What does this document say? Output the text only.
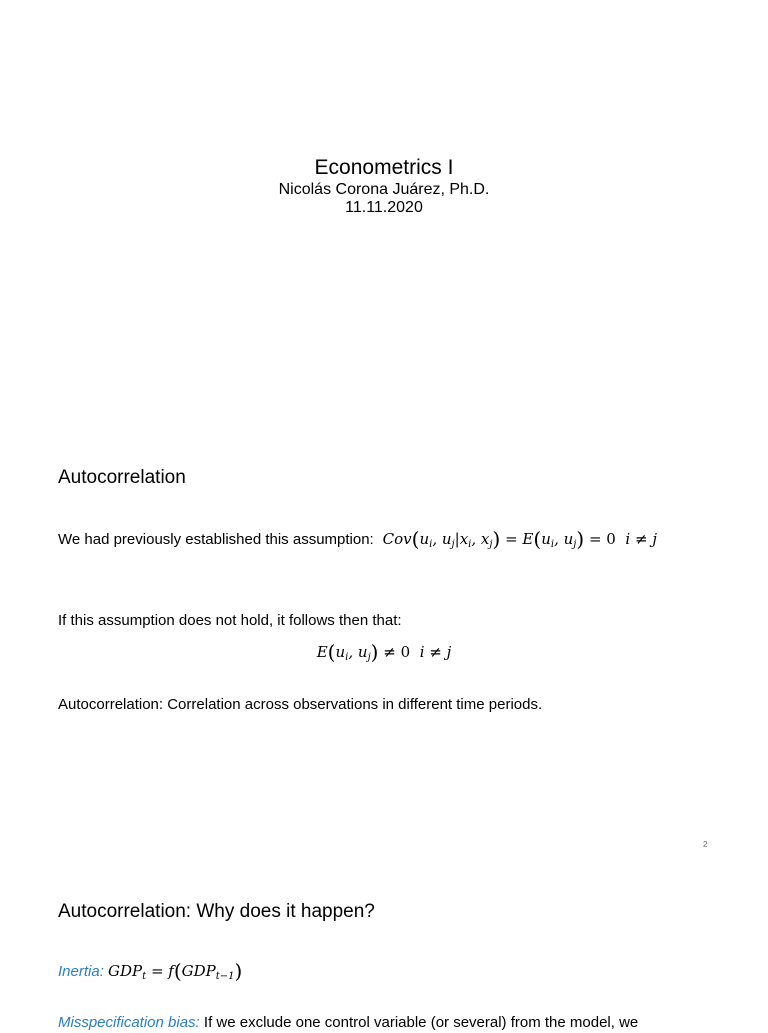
Econometrics I
Nicolás Corona Juárez, Ph.D.
11.11.2020
Autocorrelation
We had previously established this assumption:  $Cov(u_i$, $u_j|x_i$, $x_j) = E(u_i$, $u_j) = 0$  i ≠ j
If this assumption does not hold, it follows then that:
$E(u_i$, $u_j) \ne 0$  i ≠ j
Autocorrelation: Correlation across observations in different time periods.
2
Autocorrelation: Why does it happen?
Inertia: $GDP_t = f(GDP_{t-1})$
Misspecification bias: If we exclude one control variable (or several) from the model, we
